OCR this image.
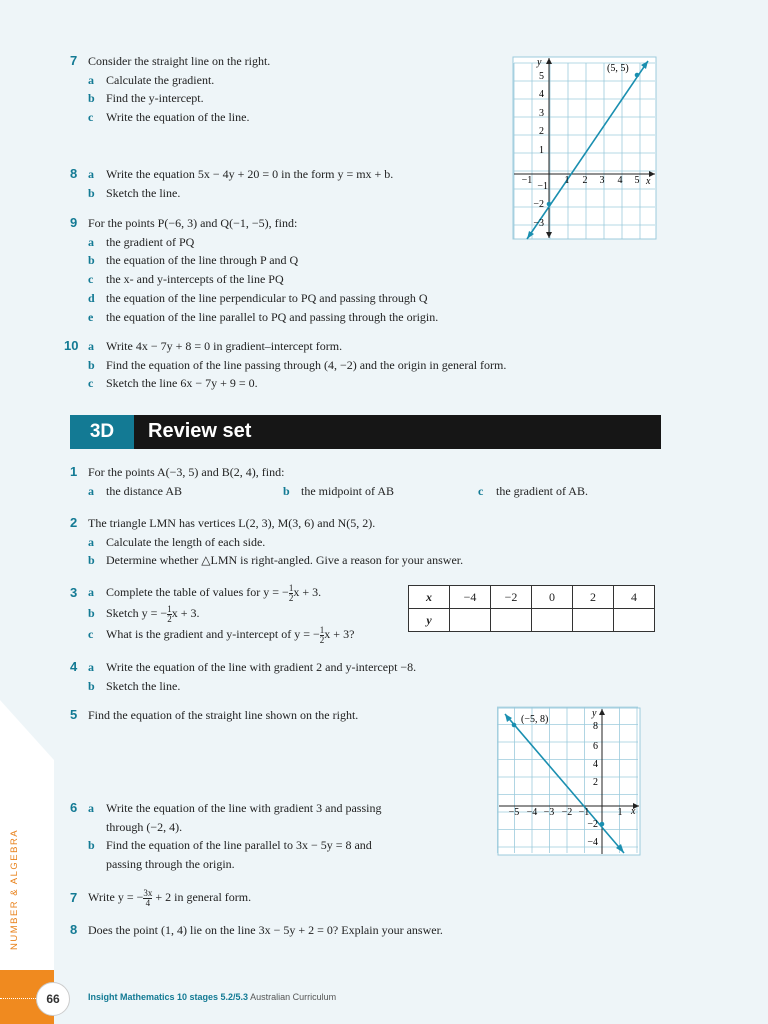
NUMBER & ALGEBRA
7 Consider the straight line on the right.
a Calculate the gradient.
b Find the y-intercept.
c Write the equation of the line.
8 a Write the equation 5x − 4y + 20 = 0 in the form y = mx + b.
b Sketch the line.
9 For the points P(−6, 3) and Q(−1, −5), find:
a the gradient of PQ
b the equation of the line through P and Q
c the x- and y-intercepts of the line PQ
d the equation of the line perpendicular to PQ and passing through Q
e the equation of the line parallel to PQ and passing through the origin.
10 a Write 4x − 7y + 8 = 0 in gradient–intercept form.
b Find the equation of the line passing through (4, −2) and the origin in general form.
c Sketch the line 6x − 7y + 9 = 0.
3D	Review set
1 For the points A(−3, 5) and B(2, 4), find:
a the distance AB	b the midpoint of AB	c the gradient of AB.
2 The triangle LMN has vertices L(2, 3), M(3, 6) and N(5, 2).
a Calculate the length of each side.
b Determine whether △LMN is right-angled. Give a reason for your answer.
3 a Complete the table of values for y = − $\frac{1}{2}$ x + 3.
b Sketch y = − $\frac{1}{2}$ x + 3.
c What is the gradient and y-intercept of y = − $\frac{1}{2}$ x + 3?
x	−4	−2	0	2	4
y					
4 a Write the equation of the line with gradient 2 and y-intercept −8.
b Sketch the line.
5 Find the equation of the straight line shown on the right.
6 a Write the equation of the line with gradient 3 and passing
through (−2, 4).
b Find the equation of the line parallel to 3x − 5y = 8 and
passing through the origin.
7 Write y = − $\frac{3x}{4} + 2$ in general form.
8 Does the point (1, 4) lie on the line 3x − 5y + 2 = 0? Explain your answer.
(5, 5)
x
y
−1	1 2 3 4 5
5
4
3
2
1
−1
−2
−3
(−5, 8)
x
y
−5 −4 −3 −2 −1	1
8
6
4
2
−2
−4
66	Insight Mathematics 10 stages 5.2/5.3 Australian Curriculum
